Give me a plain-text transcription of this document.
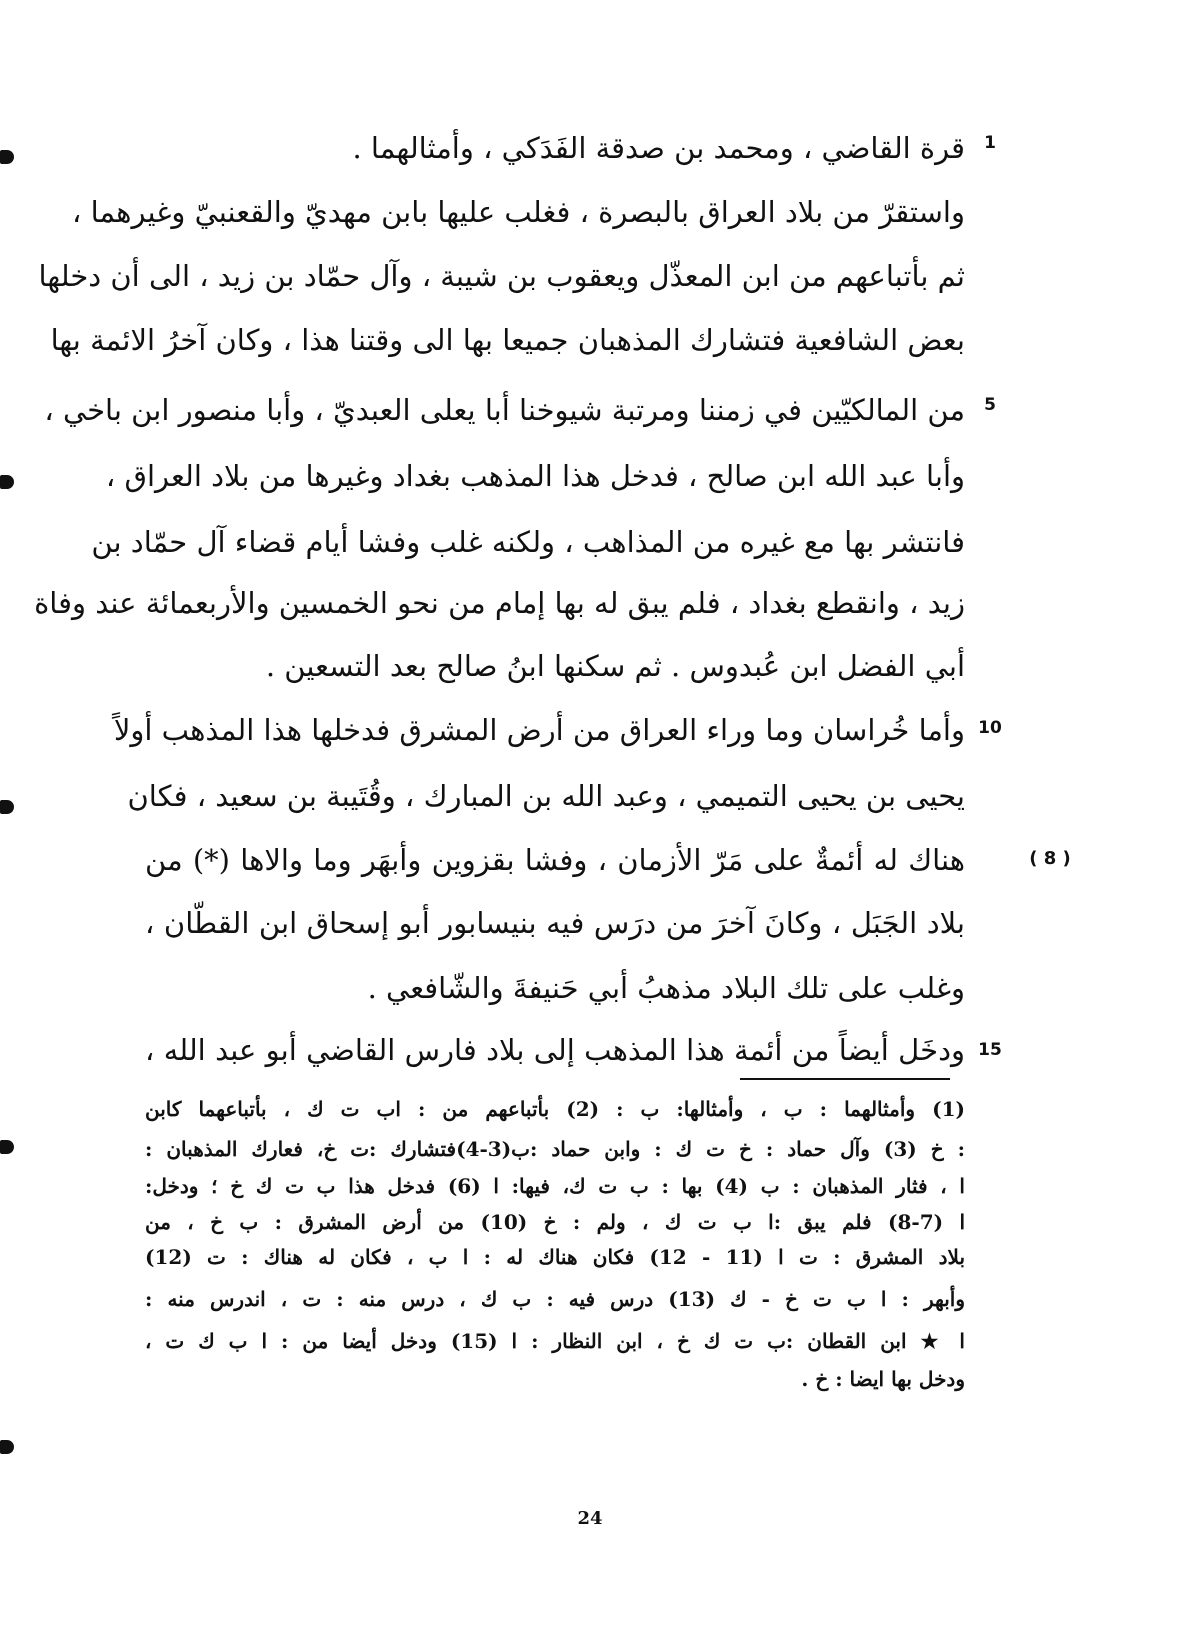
1
5
10
15
( 8 )
قرة القاضي ، ومحمد بن صدقة الفَدَكي ، وأمثالهما .
واستقرّ من بلاد العراق بالبصرة ، فغلب عليها بابن مهديّ والقعنبيّ وغيرهما ،
ثم بأتباعهم من ابن المعذّل ويعقوب بن شيبة ، وآل حمّاد بن زيد ، الى أن دخلها
بعض الشافعية فتشارك المذهبان جميعا بها الى وقتنا هذا ، وكان آخرُ الائمة بها
من المالكيّين في زمننا ومرتبة شيوخنا أبا يعلى العبديّ ، وأبا منصور ابن باخي ،
وأبا عبد الله ابن صالح ، فدخل هذا المذهب بغداد وغيرها من بلاد العراق ،
فانتشر بها مع غيره من المذاهب ، ولكنه غلب وفشا أيام قضاء آل حمّاد بن
زيد ، وانقطع بغداد ، فلم يبق له بها إمام من نحو الخمسين والأربعمائة عند وفاة
أبي الفضل ابن عُبدوس . ثم سكنها ابنُ صالح بعد التسعين .
وأما خُراسان وما وراء العراق من أرض المشرق فدخلها هذا المذهب أولاً
يحيى بن يحيى التميمي ، وعبد الله بن المبارك ، وقُتَيبة بن سعيد ، فكان
هناك له أئمةٌ على مَرّ الأزمان ، وفشا بقزوين وأبهَر وما والاها (*) من
بلاد الجَبَل ، وكانَ آخرَ من درَس فيه بنيسابور أبو إسحاق ابن القطّان ،
وغلب على تلك البلاد مذهبُ أبي حَنيفةَ والشّافعي .
ودخَل أيضاً من أئمة هذا المذهب إلى بلاد فارس القاضي أبو عبد الله ،
(1) وأمثالهما : ب ، وأمثالها: ب : (2) بأتباعهم من : اب ت ك ، بأتباعهما كابن
: خ (3) وآل حماد : خ ت ك : وابن حماد :ب(3-4)فتشارك :ت خ، فعارك المذهبان :
ا ، فثار المذهبان : ب (4) بها : ب ت ك، فيها: ا (6) فدخل هذا ب ت ك خ ؛ ودخل:
ا (7-8) فلم يبق :ا ب ت ك ، ولم : خ (10) من أرض المشرق : ب خ ، من
بلاد المشرق : ت ا (11 - 12) فكان هناك له : ا ب ، فكان له هناك : ت (12)
وأبهر : ا ب ت خ - ك (13) درس فيه : ب ك ، درس منه : ت ، اندرس منه :
ا ★ ابن القطان :ب ت ك خ ، ابن النظار : ا (15) ودخل أيضا من : ا ب ك ت ،
ودخل بها ايضا : خ .
24
